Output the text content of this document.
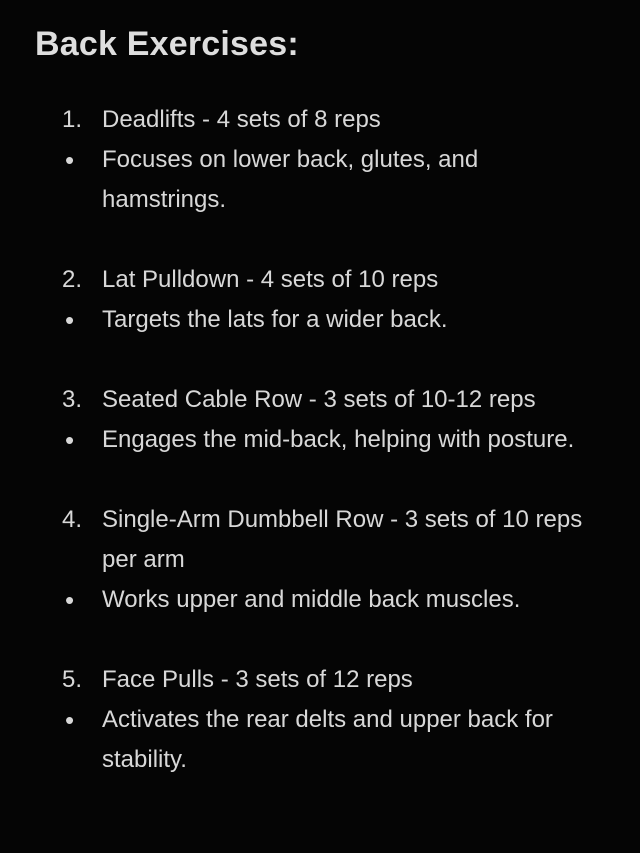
Back Exercises:
1. Deadlifts - 4 sets of 8 reps
•	Focuses on lower back, glutes, and hamstrings.
2. Lat Pulldown - 4 sets of 10 reps
•	Targets the lats for a wider back.
3. Seated Cable Row - 3 sets of 10-12 reps
•	Engages the mid-back, helping with posture.
4. Single-Arm Dumbbell Row - 3 sets of 10 reps per arm
•	Works upper and middle back muscles.
5. Face Pulls - 3 sets of 12 reps
•	Activates the rear delts and upper back for stability.
